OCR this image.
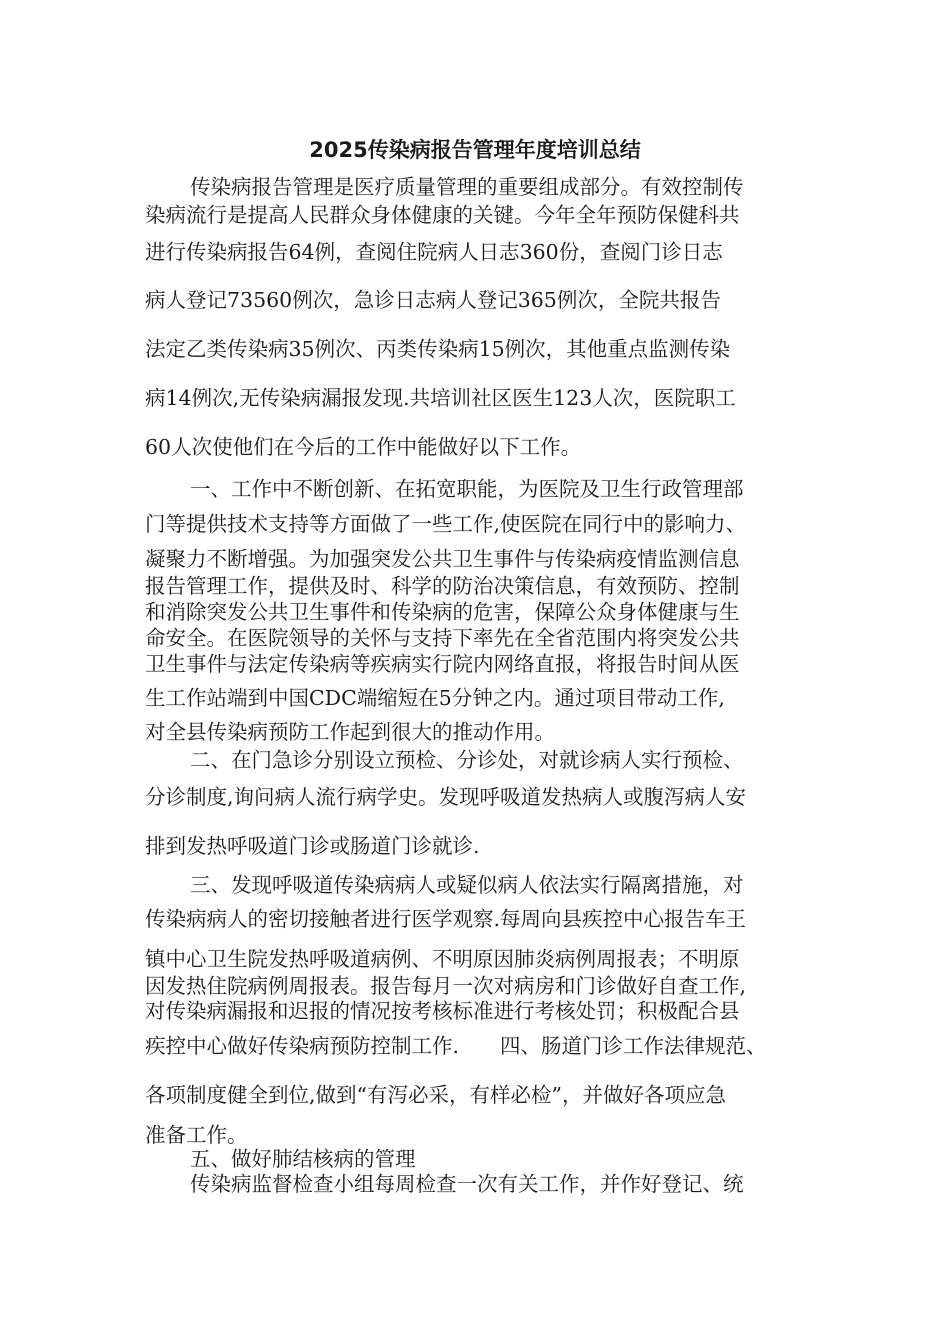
2025传染病报告管理年度培训总结
传染病报告管理是医疗质量管理的重要组成部分。有效控制传
染病流行是提高人民群众身体健康的关键。今年全年预防保健科共
进行传染病报告64例，查阅住院病人日志360份，查阅门诊日志
病人登记73560例次，急诊日志病人登记365例次，全院共报告
法定乙类传染病35例次、丙类传染病15例次，其他重点监测传染
病14例次,无传染病漏报发现.共培训社区医生123人次，医院职工
60人次使他们在今后的工作中能做好以下工作。
一、工作中不断创新、在拓宽职能，为医院及卫生行政管理部
门等提供技术支持等方面做了一些工作,使医院在同行中的影响力、
凝聚力不断增强。为加强突发公共卫生事件与传染病疫情监测信息
报告管理工作，提供及时、科学的防治决策信息，有效预防、控制
和消除突发公共卫生事件和传染病的危害，保障公众身体健康与生
命安全。在医院领导的关怀与支持下率先在全省范围内将突发公共
卫生事件与法定传染病等疾病实行院内网络直报，将报告时间从医
生工作站端到中国CDC端缩短在5分钟之内。通过项目带动工作,
对全县传染病预防工作起到很大的推动作用。
二、在门急诊分别设立预检、分诊处，对就诊病人实行预检、
分诊制度,询问病人流行病学史。发现呼吸道发热病人或腹泻病人安
排到发热呼吸道门诊或肠道门诊就诊.
三、发现呼吸道传染病病人或疑似病人依法实行隔离措施，对
传染病病人的密切接触者进行医学观察.每周向县疾控中心报告车王
镇中心卫生院发热呼吸道病例、不明原因肺炎病例周报表；不明原
因发热住院病例周报表。报告每月一次对病房和门诊做好自查工作,
对传染病漏报和迟报的情况按考核标准进行考核处罚；积极配合县
疾控中心做好传染病预防控制工作.　　四、肠道门诊工作法律规范、
各项制度健全到位,做到“有泻必采，有样必检”，并做好各项应急
准备工作。
五、做好肺结核病的管理
传染病监督检查小组每周检查一次有关工作，并作好登记、统
